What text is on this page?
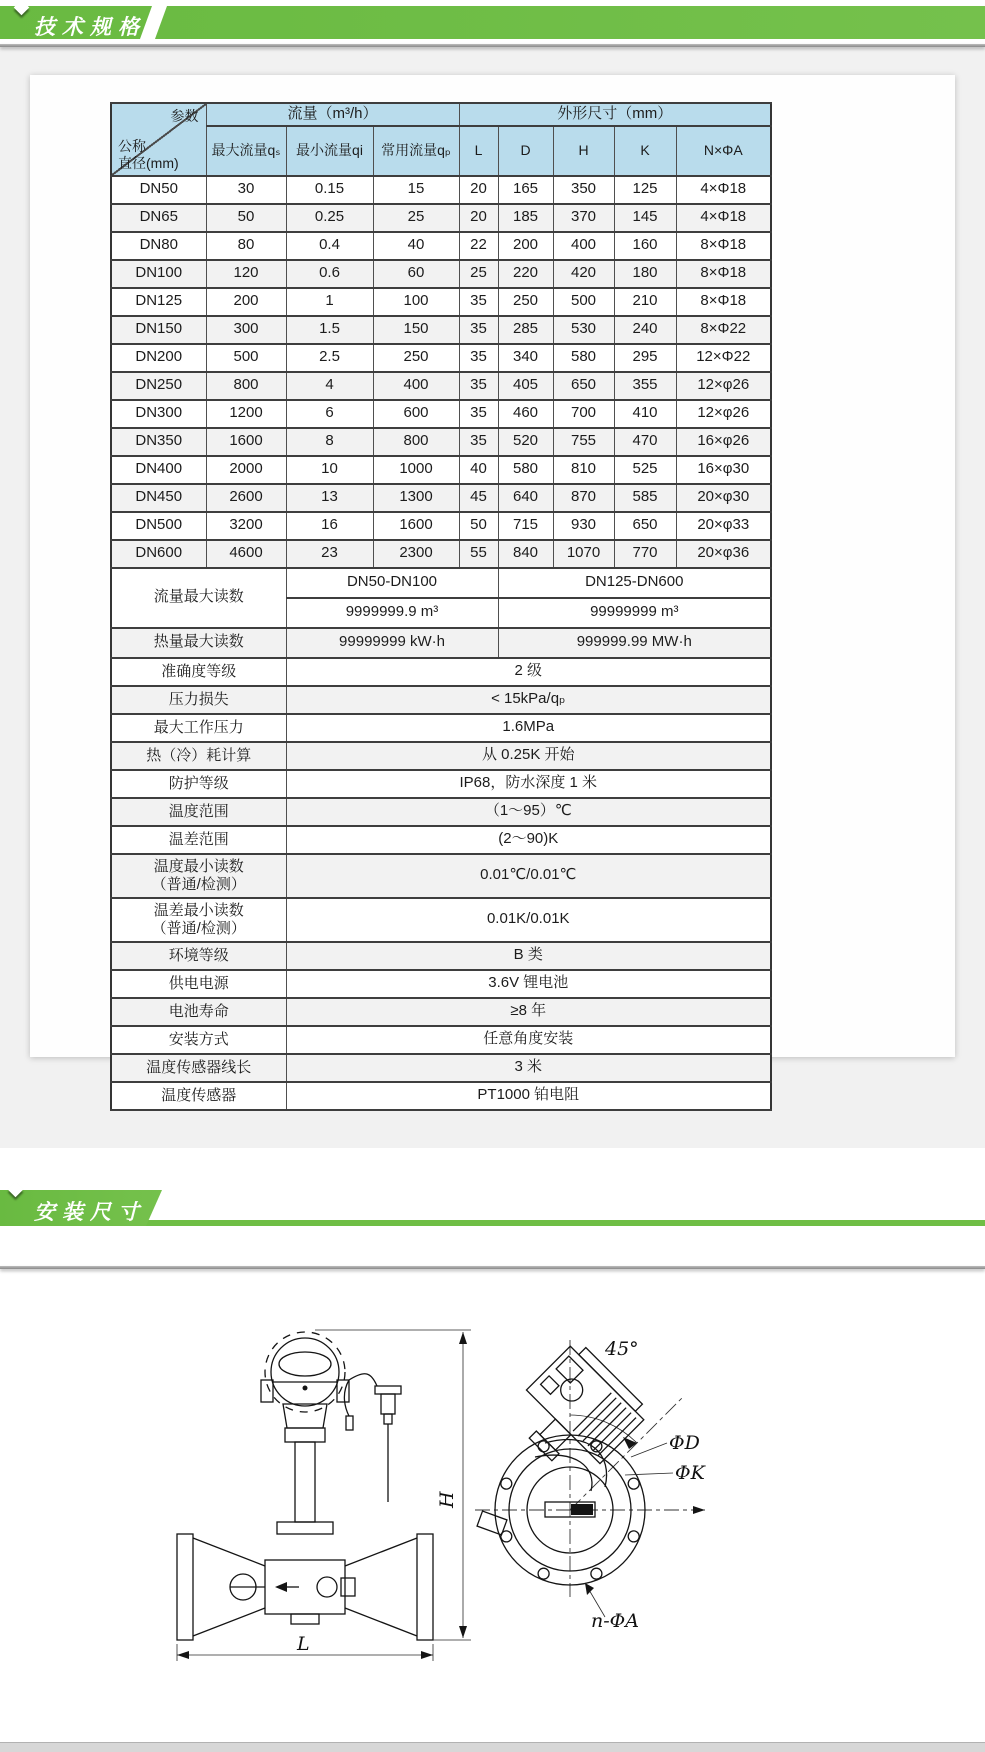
技术规格
参数
公称
直径(mm)	流量（m³/h）			外形尺寸（mm）				
	最大流量qₛ	最小流量qi	常用流量qₚ	L	D	H	K	N×ΦA
DN50	30	0.15	15	20	165	350	125	4×Φ18
DN65	50	0.25	25	20	185	370	145	4×Φ18
DN80	80	0.4	40	22	200	400	160	8×Φ18
DN100	120	0.6	60	25	220	420	180	8×Φ18
DN125	200	1	100	35	250	500	210	8×Φ18
DN150	300	1.5	150	35	285	530	240	8×Φ22
DN200	500	2.5	250	35	340	580	295	12×Φ22
DN250	800	4	400	35	405	650	355	12×φ26
DN300	1200	6	600	35	460	700	410	12×φ26
DN350	1600	8	800	35	520	755	470	16×φ26
DN400	2000	10	1000	40	580	810	525	16×φ30
DN450	2600	13	1300	45	640	870	585	20×φ30
DN500	3200	16	1600	50	715	930	650	20×φ33
DN600	4600	23	2300	55	840	1070	770	20×φ36
流量最大读数		DN50-DN100			DN125-DN600			
		9999999.9 m³			99999999 m³			
热量最大读数		99999999 kW·h			999999.99 MW·h			

准确度等级		2 级						

压力损失		< 15kPa/qₚ						

最大工作压力		1.6MPa						

热（冷）耗计算		从 0.25K 开始						

防护等级		IP68，防水深度 1 米						

温度范围		（1～95）℃						

温差范围		(2～90)K						

温度最小读数
（普通/检测）		0.01℃/0.01℃						

温差最小读数
（普通/检测）		0.01K/0.01K						

环境等级		B 类						

供电电源		3.6V 锂电池						

电池寿命		≥8 年						

安装方式		任意角度安装						

温度传感器线长		3 米						

温度传感器		PT1000 铂电阻						
安装尺寸
H
L
45°
ΦD
ΦK
n-ΦA
